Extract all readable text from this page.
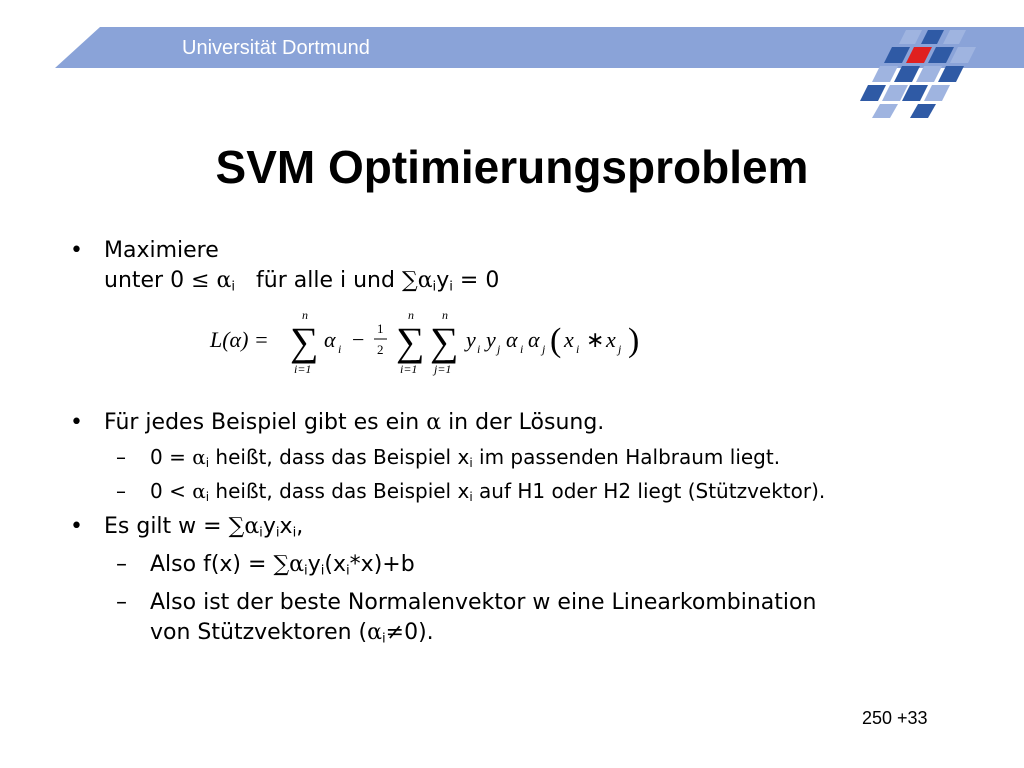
Universität Dortmund
SVM Optimierungsproblem
• Maximiere
unter $0 \le \alpha_i$ für alle i und $\sum\alpha_iy_i = 0$
• Für jedes Beispiel gibt es ein α in der Lösung.
– $0 = \alpha_i$ heißt, dass das Beispiel $x_i$ im passenden Halbraum liegt.
– $0 < \alpha_i$ heißt, dass das Beispiel $x_i$ auf H1 oder H2 liegt (Stützvektor).
• Es gilt $w = \sum\alpha_iy_ix_i$,
– Also $f(x) = \sum\alpha_iy_i(x_i*x)+b$
– Also ist der beste Normalenvektor w eine Linearkombination
von Stützvektoren $(\alpha_i\ne 0)$.
L(α) = ∑
n
i=1
α i − 1
2 ∑
n
i=1
∑
n
j=1
y i y j α i α j ( x i ∗ x j )
250 +33
